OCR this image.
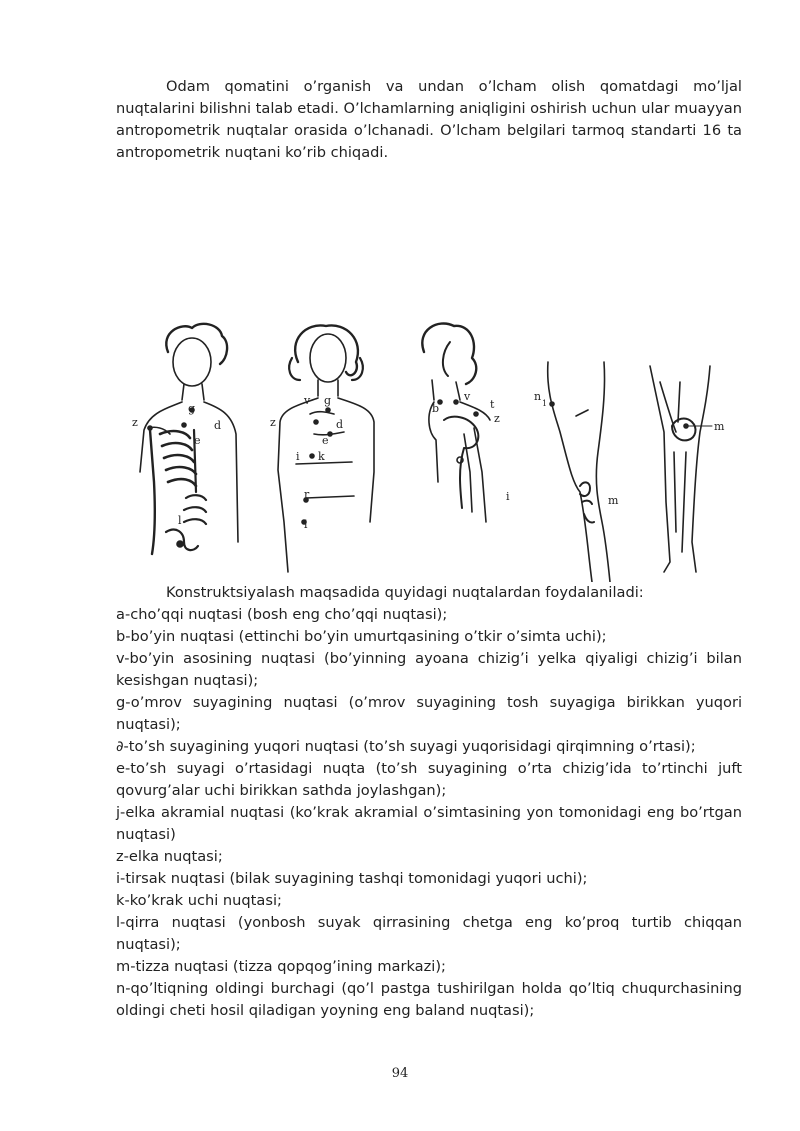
Odam qomatini o’rganish va undan o’lcham olish qomatdagi mo’ljal nuqtalarini bilishni talab etadi. O’lchamlarning aniqligini oshirish uchun ular muayyan antropometrik nuqtalar orasida o’lchanadi. O’lcham belgilari tarmoq standarti 16 ta antropometrik nuqtani ko’rib chiqadi.

g
z	d
e
l
v g
z	d
e
i k
r
l
b
v
t
z
i
n
1
m
m

Konstruktsiyalash maqsadida quyidagi nuqtalardan foydalaniladi:

a-cho’qqi nuqtasi (bosh eng cho’qqi nuqtasi);

b-bo’yin nuqtasi (ettinchi bo’yin umurtqasining o’tkir o’simta uchi);

v-bo’yin asosining nuqtasi (bo’yinning ayoana chizig’i yelka qiyaligi chizig’i bilan kesishgan nuqtasi);

g-o’mrov suyagining nuqtasi (o’mrov suyagining tosh suyagiga birikkan yuqori nuqtasi);

∂-to’sh suyagining yuqori nuqtasi (to’sh suyagi yuqorisidagi qirqimning o’rtasi);

e-to’sh suyagi o’rtasidagi nuqta (to’sh suyagining o’rta chizig’ida to’rtinchi juft qovurg’alar uchi birikkan sathda joylashgan);

j-elka akramial nuqtasi (ko’krak akramial o’simtasining yon tomonidagi eng bo’rtgan nuqtasi)

z-elka nuqtasi;

i-tirsak nuqtasi (bilak suyagining tashqi tomonidagi yuqori uchi);

k-ko’krak uchi nuqtasi;

l-qirra nuqtasi (yonbosh suyak qirrasining chetga eng ko’proq turtib chiqqan nuqtasi);

m-tizza nuqtasi (tizza qopqog’ining markazi);

n-qo’ltiqning oldingi burchagi (qo’l pastga tushirilgan holda qo’ltiq chuqurchasining oldingi cheti hosil qiladigan yoyning eng baland nuqtasi);

94
